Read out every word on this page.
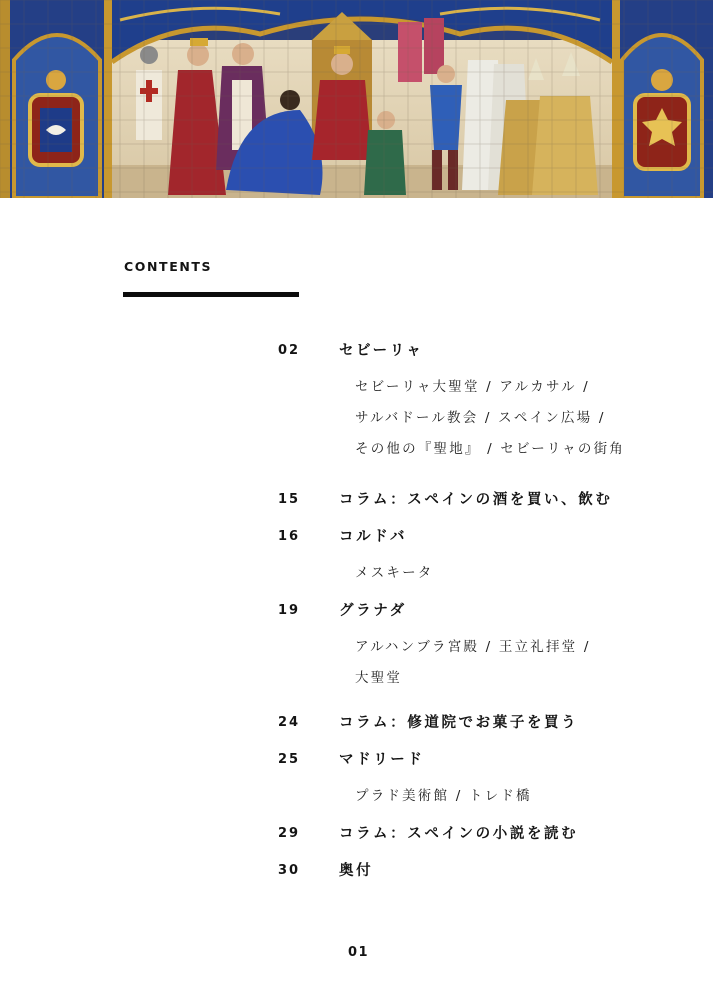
CONTENTS
02	セビーリャ
セビーリャ大聖堂 / アルカサル /
サルバドール教会 / スペイン広場 /
その他の『聖地』 / セビーリャの街角
15	コラム：スペインの酒を買い、飲む
16	コルドバ
メスキータ
19	グラナダ
アルハンブラ宮殿 / 王立礼拝堂 /
大聖堂
24	コラム：修道院でお菓子を買う
25	マドリード
プラド美術館 / トレド橋
29	コラム：スペインの小説を読む
30	奥付
01
